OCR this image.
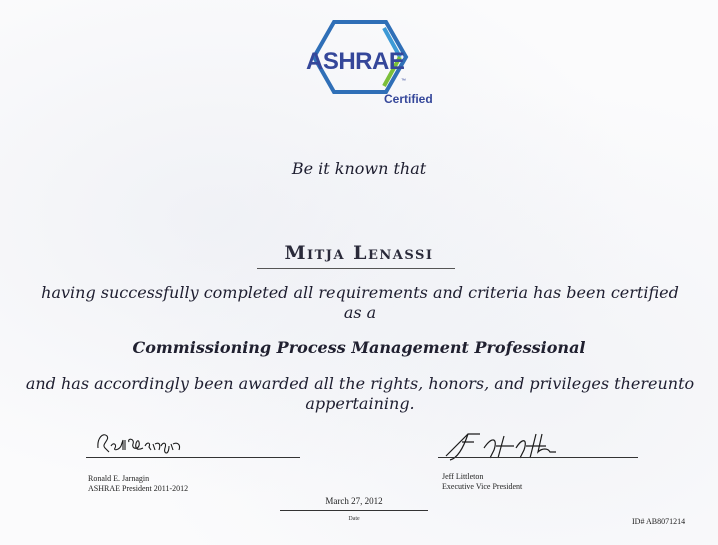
ASHRAE
™
Certified
Be it known that
Mitja Lenassi
having successfully completed all requirements and criteria has been certified as a
Commissioning Process Management Professional
and has accordingly been awarded all the rights, honors, and privileges thereunto appertaining.
Ronald E. Jarnagin
ASHRAE President 2011-2012
Jeff Littleton
Executive Vice President
March 27, 2012
Date	ID# AB8071214
